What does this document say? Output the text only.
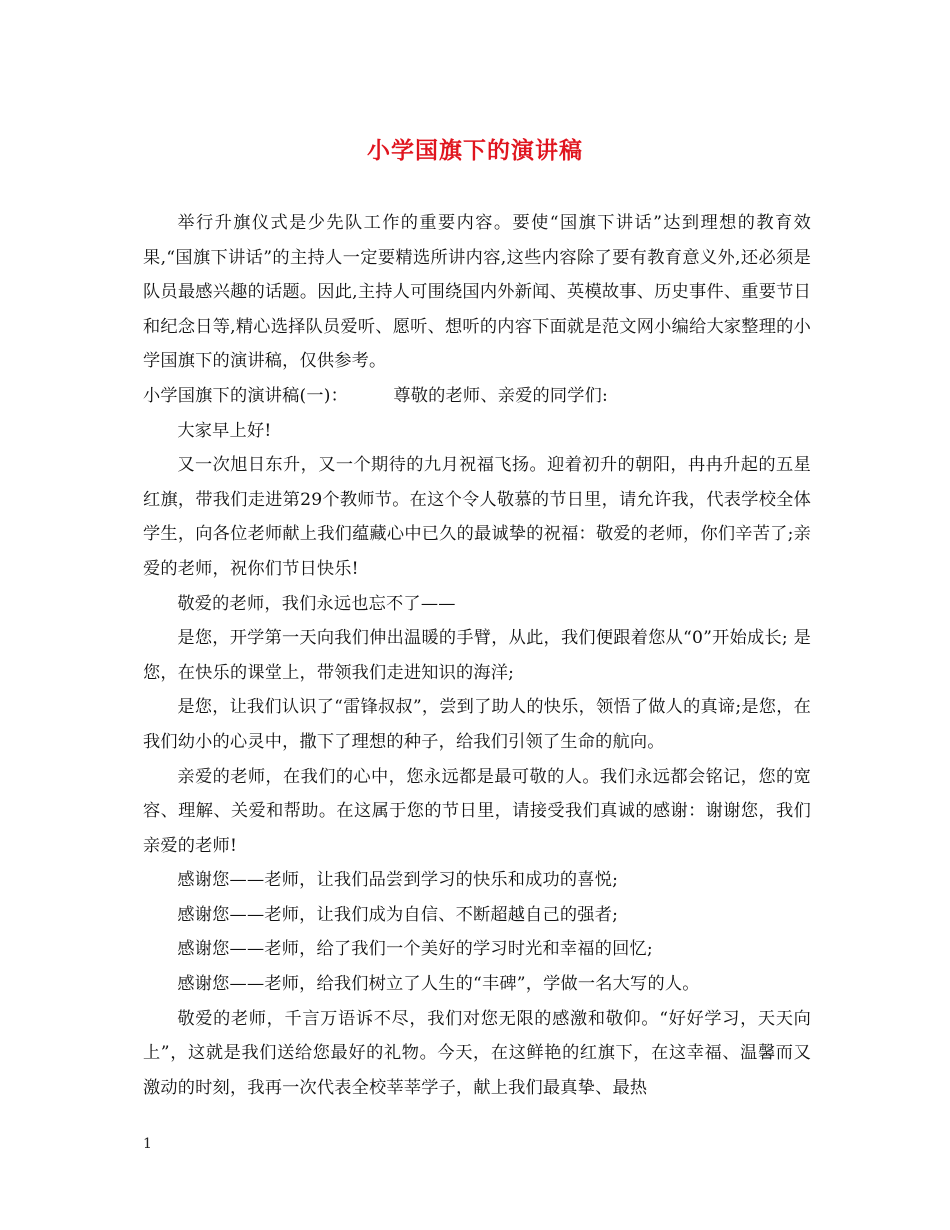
小学国旗下的演讲稿

举行升旗仪式是少先队工作的重要内容。要使“国旗下讲话”达到理想的教育效果,“国旗下讲话”的主持人一定要精选所讲内容,这些内容除了要有教育意义外,还必须是队员最感兴趣的话题。因此,主持人可围绕国内外新闻、英模故事、历史事件、重要节日和纪念日等,精心选择队员爱听、愿听、想听的内容下面就是范文网小编给大家整理的小学国旗下的演讲稿，仅供参考。

小学国旗下的演讲稿(一)：        尊敬的老师、亲爱的同学们:

大家早上好!

又一次旭日东升，又一个期待的九月祝福飞扬。迎着初升的朝阳，冉冉升起的五星红旗，带我们走进第29个教师节。在这个令人敬慕的节日里，请允许我，代表学校全体学生，向各位老师献上我们蕴藏心中已久的最诚挚的祝福：敬爱的老师，你们辛苦了;亲爱的老师，祝你们节日快乐!

敬爱的老师，我们永远也忘不了——

是您，开学第一天向我们伸出温暖的手臂，从此，我们便跟着您从“0”开始成长; 是您，在快乐的课堂上，带领我们走进知识的海洋;

是您，让我们认识了“雷锋叔叔”，尝到了助人的快乐，领悟了做人的真谛;是您，在我们幼小的心灵中，撒下了理想的种子，给我们引领了生命的航向。

亲爱的老师，在我们的心中，您永远都是最可敬的人。我们永远都会铭记，您的宽容、理解、关爱和帮助。在这属于您的节日里，请接受我们真诚的感谢：谢谢您，我们亲爱的老师!

感谢您——老师，让我们品尝到学习的快乐和成功的喜悦;

感谢您——老师，让我们成为自信、不断超越自己的强者;

感谢您——老师，给了我们一个美好的学习时光和幸福的回忆;

感谢您——老师，给我们树立了人生的“丰碑”，学做一名大写的人。

敬爱的老师，千言万语诉不尽，我们对您无限的感激和敬仰。“好好学习，天天向上”，这就是我们送给您最好的礼物。今天，在这鲜艳的红旗下，在这幸福、温馨而又激动的时刻，我再一次代表全校莘莘学子，献上我们最真挚、最热

1
